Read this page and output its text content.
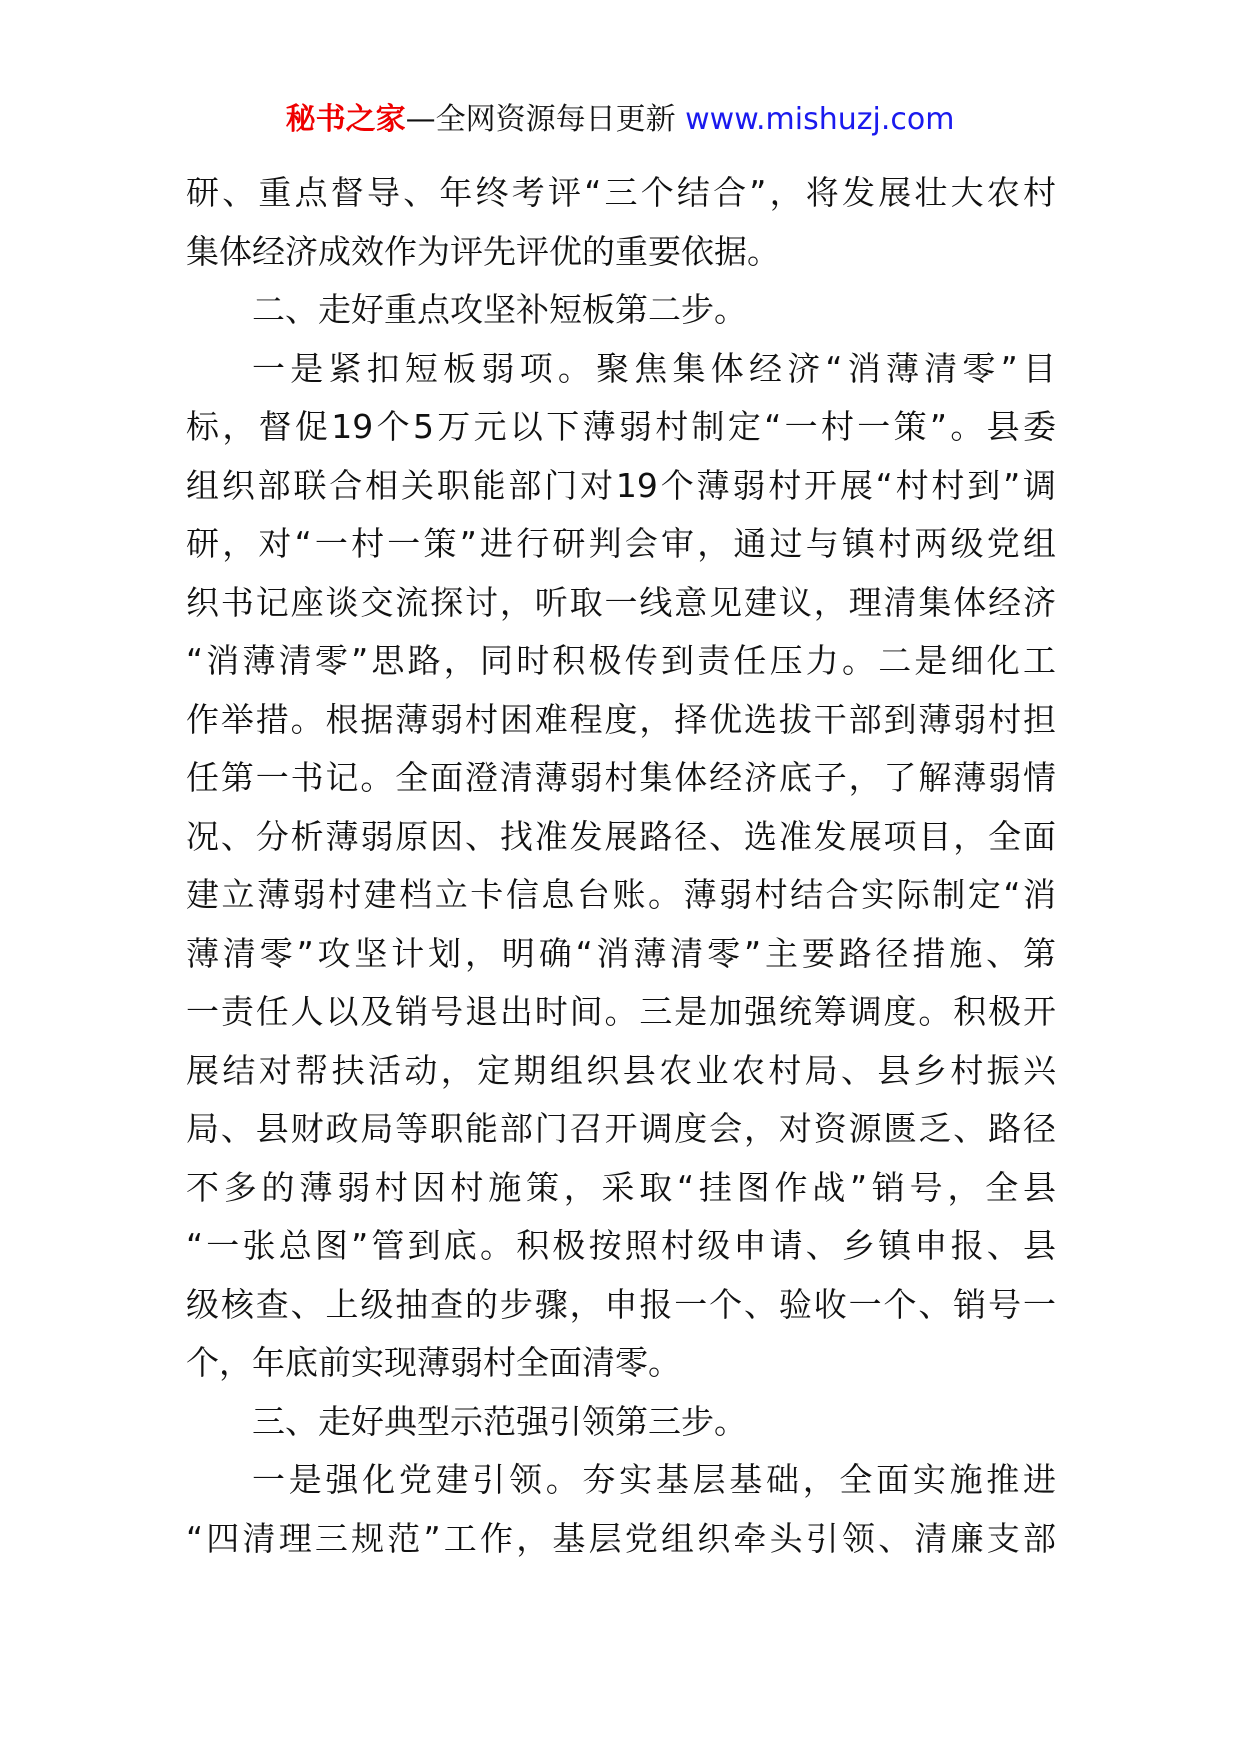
秘书之家—全网资源每日更新 www.mishuzj.com
研、重点督导、年终考评“三个结合”，将发展壮大农村
集体经济成效作为评先评优的重要依据。
二、走好重点攻坚补短板第二步。
一是紧扣短板弱项。聚焦集体经济“消薄清零”目
标，督促19个5万元以下薄弱村制定“一村一策”。县委
组织部联合相关职能部门对19个薄弱村开展“村村到”调
研，对“一村一策”进行研判会审，通过与镇村两级党组
织书记座谈交流探讨，听取一线意见建议，理清集体经济
“消薄清零”思路，同时积极传到责任压力。二是细化工
作举措。根据薄弱村困难程度，择优选拔干部到薄弱村担
任第一书记。全面澄清薄弱村集体经济底子，了解薄弱情
况、分析薄弱原因、找准发展路径、选准发展项目，全面
建立薄弱村建档立卡信息台账。薄弱村结合实际制定“消
薄清零”攻坚计划，明确“消薄清零”主要路径措施、第
一责任人以及销号退出时间。三是加强统筹调度。积极开
展结对帮扶活动，定期组织县农业农村局、县乡村振兴
局、县财政局等职能部门召开调度会，对资源匮乏、路径
不多的薄弱村因村施策，采取“挂图作战”销号，全县
“一张总图”管到底。积极按照村级申请、乡镇申报、县
级核查、上级抽查的步骤，申报一个、验收一个、销号一
个，年底前实现薄弱村全面清零。
三、走好典型示范强引领第三步。
一是强化党建引领。夯实基层基础，全面实施推进
“四清理三规范”工作，基层党组织牵头引领、清廉支部
